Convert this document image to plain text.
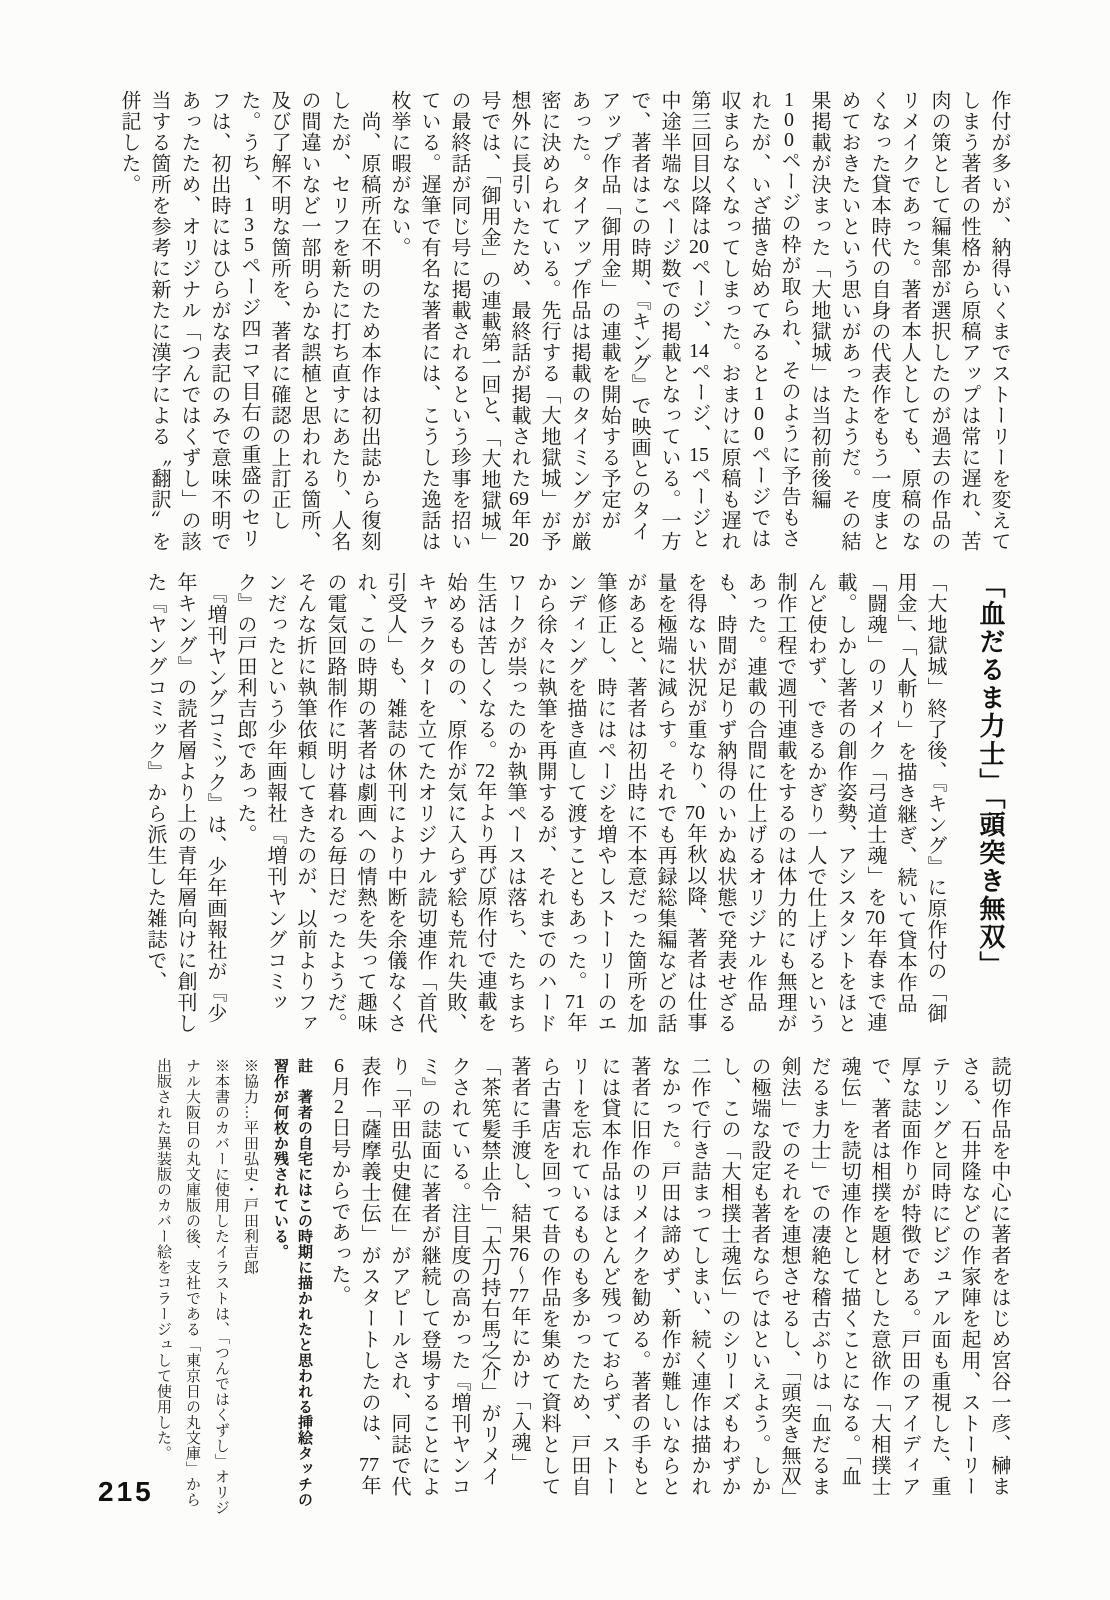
作付が多いが、納得いくまでストーリーを変えてしまう著者の性格から原稿アップは常に遅れ、苦肉の策として編集部が選択したのが過去の作品のリメイクであった。著者本人としても、原稿のなくなった貸本時代の自身の代表作をもう一度まとめておきたいという思いがあったようだ。その結果掲載が決まった「大地獄城」は当初前後編100ページの枠が取られ、そのように予告もされたが、いざ描き始めてみると100ページでは収まらなくなってしまった。おまけに原稿も遅れ第三回目以降は20ページ、14ページ、15ページと中途半端なページ数での掲載となっている。一方で、著者はこの時期、『キング』で映画とのタイアップ作品「御用金」の連載を開始する予定があった。タイアップ作品は掲載のタイミングが厳密に決められている。先行する「大地獄城」が予想外に長引いたため、最終話が掲載された69年20号では、「御用金」の連載第一回と、「大地獄城」の最終話が同じ号に掲載されるという珍事を招いている。遅筆で有名な著者には、こうした逸話は枚挙に暇がない。

　尚、原稿所在不明のため本作は初出誌から復刻したが、セリフを新たに打ち直すにあたり、人名の間違いなど一部明らかな誤植と思われる箇所、及び了解不明な箇所を、著者に確認の上訂正した。うち、135ページ四コマ目右の重盛のセリフは、初出時にはひらがな表記のみで意味不明であったため、オリジナル「つんではくずし」の該当する箇所を参考に新たに漢字による〝翻訳〟を併記した。

「血だるま力士」「頭突き無双」

「大地獄城」終了後、『キング』に原作付の「御用金」、「人斬り」を描き継ぎ、続いて貸本作品「闘魂」のリメイク「弓道士魂」を70年春まで連載。しかし著者の創作姿勢、アシスタントをほとんど使わず、できるかぎり一人で仕上げるという制作工程で週刊連載をするのは体力的にも無理があった。連載の合間に仕上げるオリジナル作品も、時間が足りず納得のいかぬ状態で発表せざるを得ない状況が重なり、70年秋以降、著者は仕事量を極端に減らす。それでも再録総集編などの話があると、著者は初出時に不本意だった箇所を加筆修正し、時にはページを増やしストーリーのエンディングを描き直して渡すこともあった。71年から徐々に執筆を再開するが、それまでのハードワークが祟ったのか執筆ペースは落ち、たちまち生活は苦しくなる。72年より再び原作付で連載を始めるものの、原作が気に入らず絵も荒れ失敗、キャラクターを立てたオリジナル読切連作「首代引受人」も、雑誌の休刊により中断を余儀なくされ、この時期の著者は劇画への情熱を失って趣味の電気回路制作に明け暮れる毎日だったようだ。そんな折に執筆依頼してきたのが、以前よりファンだったという少年画報社『増刊ヤングコミック』の戸田利吉郎であった。

　『増刊ヤングコミック』は、少年画報社が『少年キング』の読者層より上の青年層向けに創刊した『ヤングコミック』から派生した雑誌で、

読切作品を中心に著者をはじめ宮谷一彦、榊まさる、石井隆などの作家陣を起用、ストーリーテリングと同時にビジュアル面も重視した、重厚な誌面作りが特徴である。戸田のアイディアで、著者は相撲を題材とした意欲作「大相撲士魂伝」を読切連作として描くことになる。「血だるま力士」での凄絶な稽古ぶりは「血だるま剣法」でのそれを連想させるし、「頭突き無双」の極端な設定も著者ならではといえよう。しかし、この「大相撲士魂伝」のシリーズもわずか二作で行き詰まってしまい、続く連作は描かれなかった。戸田は諦めず、新作が難しいならと著者に旧作のリメイクを勧める。著者の手もとには貸本作品はほとんど残っておらず、ストーリーを忘れているものも多かったため、戸田自ら古書店を回って昔の作品を集めて資料として著者に手渡し、結果76～77年にかけ「入魂」「茶筅髪禁止令」「太刀持右馬之介」がリメイクされている。注目度の高かった『増刊ヤンコミ』の誌面に著者が継続して登場することにより「平田弘史健在」がアピールされ、同誌で代表作「薩摩義士伝」がスタートしたのは、77年6月2日号からであった。

註　著者の自宅にはこの時期に描かれたと思われる挿絵タッチの習作が何枚か残されている。

※協力…平田弘史・戸田利吉郎

※本書のカバーに使用したイラストは、「つんではくずし」オリジナル大阪日の丸文庫版の後、支社である「東京日の丸文庫」から出版された異装版のカバー絵をコラージュして使用した。

215
